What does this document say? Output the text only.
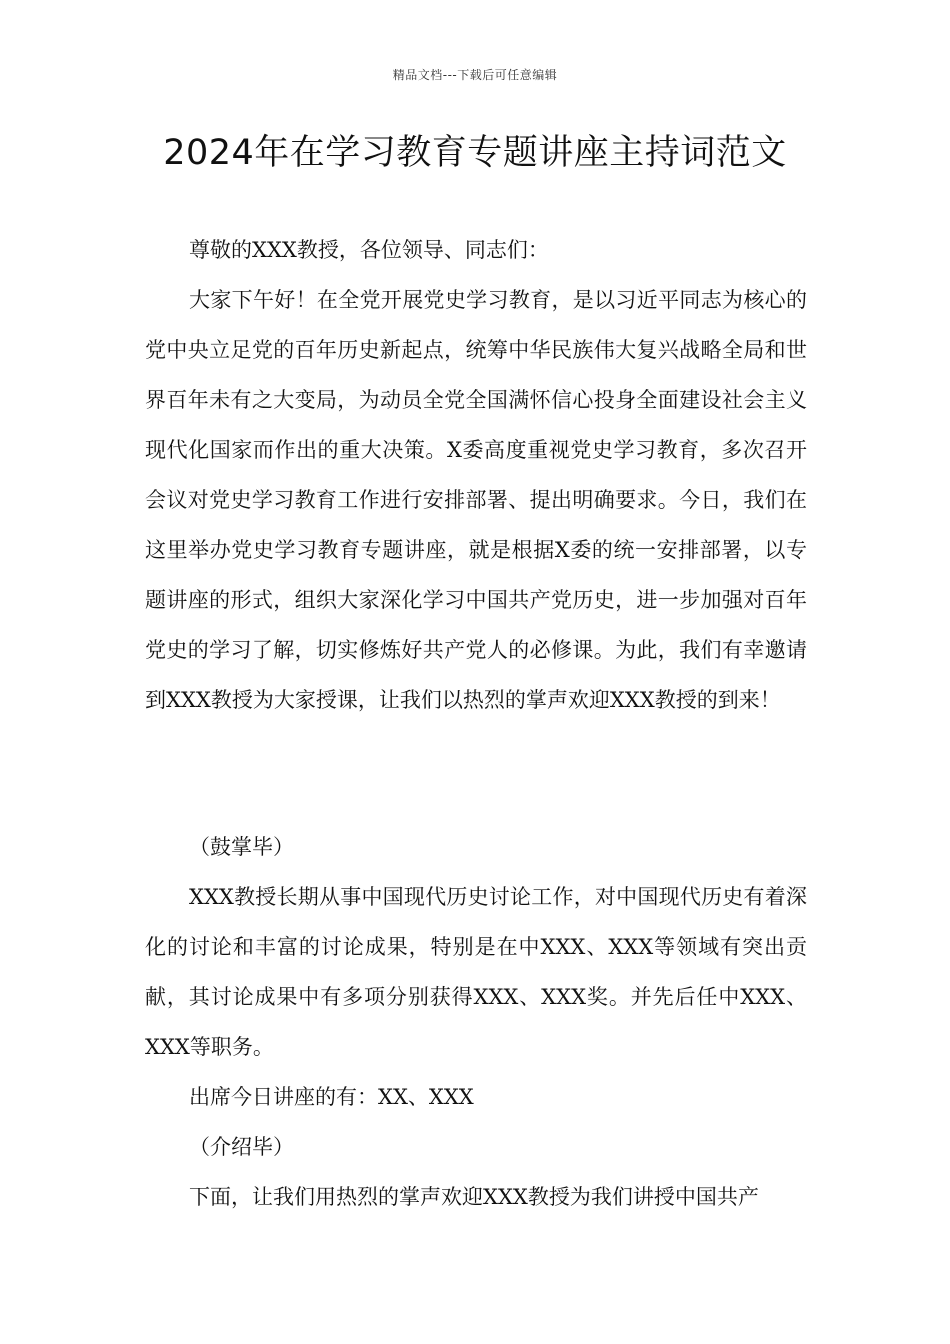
精品文档---下载后可任意编辑
2024年在学习教育专题讲座主持词范文

尊敬的XXX教授，各位领导、同志们：

大家下午好！在全党开展党史学习教育，是以习近平同志为核心的党中央立足党的百年历史新起点，统筹中华民族伟大复兴战略全局和世界百年未有之大变局，为动员全党全国满怀信心投身全面建设社会主义现代化国家而作出的重大决策。X委高度重视党史学习教育，多次召开会议对党史学习教育工作进行安排部署、提出明确要求。今日，我们在这里举办党史学习教育专题讲座，就是根据X委的统一安排部署，以专题讲座的形式，组织大家深化学习中国共产党历史，进一步加强对百年党史的学习了解，切实修炼好共产党人的必修课。为此，我们有幸邀请到XXX教授为大家授课，让我们以热烈的掌声欢迎XXX教授的到来！

（鼓掌毕）

XXX教授长期从事中国现代历史讨论工作，对中国现代历史有着深化的讨论和丰富的讨论成果，特别是在中XXX、XXX等领域有突出贡献，其讨论成果中有多项分别获得XXX、XXX奖。并先后任中XXX、XXX等职务。

出席今日讲座的有：XX、XXX

（介绍毕）

下面，让我们用热烈的掌声欢迎XXX教授为我们讲授中国共产
